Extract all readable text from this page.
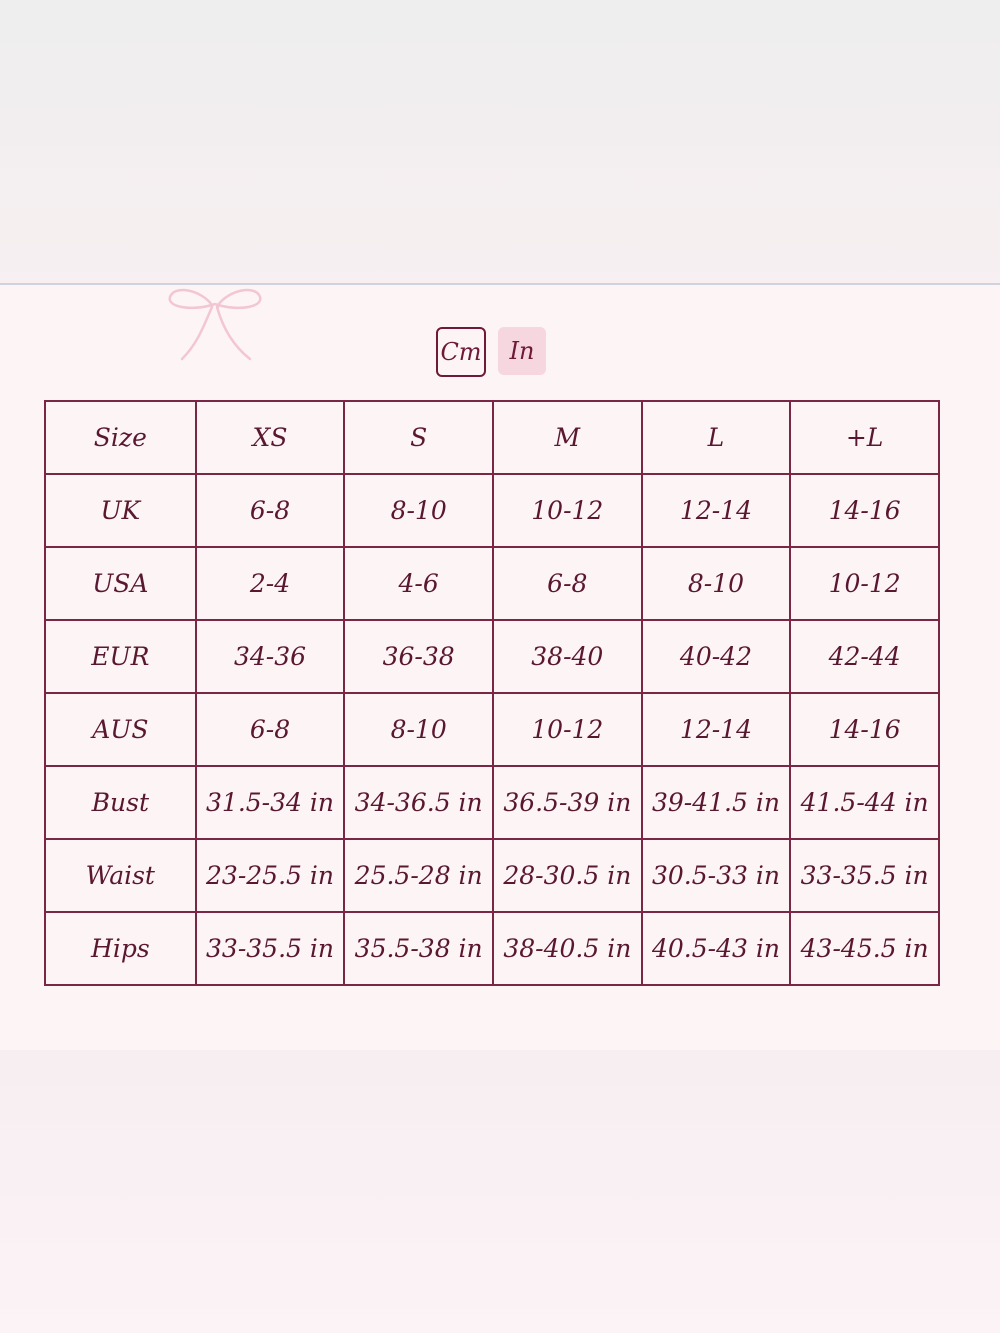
Cm	In
Size	XS	S	M	L	+L
UK	6-8	8-10	10-12	12-14	14-16
USA	2-4	4-6	6-8	8-10	10-12
EUR	34-36	36-38	38-40	40-42	42-44
AUS	6-8	8-10	10-12	12-14	14-16
Bust	31.5-34 in	34-36.5 in	36.5-39 in	39-41.5 in	41.5-44 in
Waist	23-25.5 in	25.5-28 in	28-30.5 in	30.5-33 in	33-35.5 in
Hips	33-35.5 in	35.5-38 in	38-40.5 in	40.5-43 in	43-45.5 in
